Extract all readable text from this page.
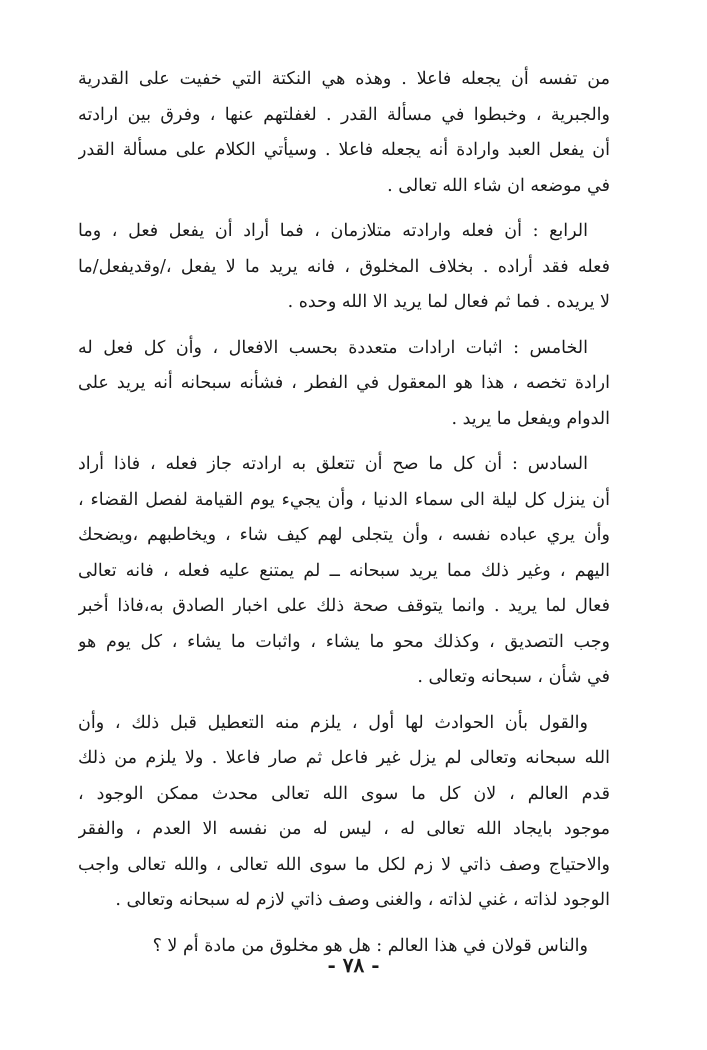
من تفسه أن يجعله فاعلا . وهذه هي النكتة التي خفيت على القدرية
والجبرية ، وخبطوا في مسألة القدر . لغفلتهم عنها ، وفرق بين ارادته
أن يفعل العبد وارادة أنه يجعله فاعلا . وسيأتي الكلام على مسألة القدر
في موضعه ان شاء الله تعالى .
الرابع : أن فعله وارادته متلازمان ، فما أراد أن يفعل فعل ، وما
فعله فقد أراده . بخلاف المخلوق ، فانه يريد ما لا يفعل ،/وقديفعل/ما
لا يريده . فما ثم فعال لما يريد الا الله وحده .
الخامس : اثبات ارادات متعددة بحسب الافعال ، وأن كل فعل له
ارادة تخصه ، هذا هو المعقول في الفطر ، فشأنه سبحانه أنه يريد على
الدوام ويفعل ما يريد .
السادس : أن كل ما صح أن تتعلق به ارادته جاز فعله ، فاذا أراد
أن ينزل كل ليلة الى سماء الدنيا ، وأن يجيء يوم القيامة لفصل القضاء ،
وأن يري عباده نفسه ، وأن يتجلى لهم كيف شاء ، ويخاطبهم ،ويضحك
اليهم ، وغير ذلك مما يريد سبحانه ــ لم يمتنع عليه فعله ، فانه تعالى
فعال لما يريد . وانما يتوقف صحة ذلك على اخبار الصادق به،فاذا أخبر
وجب التصديق ، وكذلك محو ما يشاء ، واثبات ما يشاء ، كل يوم هو
في شأن ، سبحانه وتعالى .
والقول بأن الحوادث لها أول ، يلزم منه التعطيل قبل ذلك ، وأن
الله سبحانه وتعالى لم يزل غير فاعل ثم صار فاعلا . ولا يلزم من ذلك
قدم العالم ، لان كل ما سوى الله تعالى محدث ممكن الوجود ،
موجود بايجاد الله تعالى له ، ليس له من نفسه الا العدم ، والفقر
والاحتياج وصف ذاتي لا زم لكل ما سوى الله تعالى ، والله تعالى واجب
الوجود لذاته ، غني لذاته ، والغنى وصف ذاتي لازم له سبحانه وتعالى .
والناس قولان في هذا العالم : هل هو مخلوق من مادة أم لا ؟
- ٧٨ -
